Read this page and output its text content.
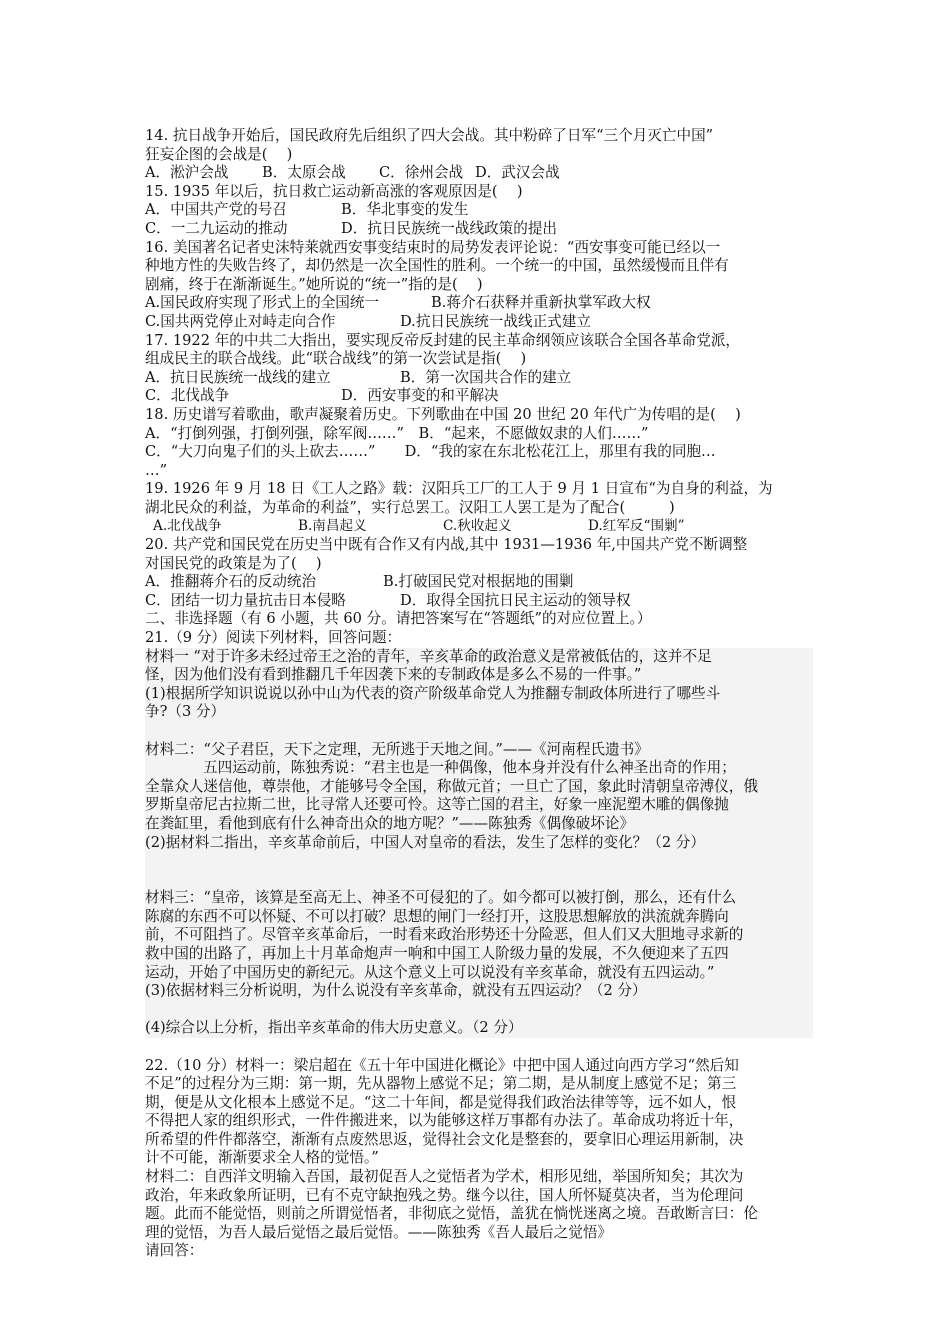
14. 抗日战争开始后，国民政府先后组织了四大会战。其中粉碎了日军“三个月灭亡中国”
狂妄企图的会战是(　 )
A．淞沪会战	B．太原会战	C．徐州会战 D．武汉会战
15. 1935 年以后，抗日救亡运动新高涨的客观原因是(　 )
A．中国共产党的号召	B．华北事变的发生
C．一二九运动的推动	D．抗日民族统一战线政策的提出
16. 美国著名记者史沫特莱就西安事变结束时的局势发表评论说：“西安事变可能已经以一
种地方性的失败告终了，却仍然是一次全国性的胜利。一个统一的中国，虽然缓慢而且伴有
剧痛，终于在渐渐诞生。”她所说的“统一”指的是(　 )
A.国民政府实现了形式上的全国统一	B.蒋介石获释并重新执掌军政大权
C.国共两党停止对峙走向合作	D.抗日民族统一战线正式建立
17. 1922 年的中共二大指出，要实现反帝反封建的民主革命纲领应该联合全国各革命党派，
组成民主的联合战线。此“联合战线”的第一次尝试是指(　 )
A．抗日民族统一战线的建立	B．第一次国共合作的建立
C．北伐战争	D．西安事变的和平解决
18. 历史谱写着歌曲，歌声凝聚着历史。下列歌曲在中国 20 世纪 20 年代广为传唱的是(　 )
A．“打倒列强，打倒列强，除军阀……”　B．“起来，不愿做奴隶的人们……”
C．“大刀向鬼子们的头上砍去……”　　D．“我的家在东北松花江上，那里有我的同胞…
…”
19. 1926 年 9 月 18 日《工人之路》载：汉阳兵工厂的工人于 9 月 1 日宣布“为自身的利益，为
湖北民众的利益，为革命的利益”，实行总罢工。汉阳工人罢工是为了配合(　　　)
A.北伐战争	B.南昌起义	C.秋收起义	D.红军反“围剿”
20. 共产党和国民党在历史当中既有合作又有内战,其中 1931—1936 年,中国共产党不断调整
对国民党的政策是为了(　 )
A．推翻蒋介石的反动统治	B.打破国民党对根据地的围剿
C．团结一切力量抗击日本侵略	D．取得全国抗日民主运动的领导权
二、非选择题（有 6 小题，共 60 分。请把答案写在“答题纸”的对应位置上。）
21.（9 分）阅读下列材料，回答问题：
材料一 “对于许多未经过帝王之治的青年，辛亥革命的政治意义是常被低估的，这并不足
怪，因为他们没有看到推翻几千年因袭下来的专制政体是多么不易的一件事。”
(1)根据所学知识说说以孙中山为代表的资产阶级革命党人为推翻专制政体所进行了哪些斗
争?（3 分）
材料二：“父子君臣，天下之定理，无所逃于天地之间。”——《河南程氏遗书》
五四运动前，陈独秀说：“君主也是一种偶像，他本身并没有什么神圣出奇的作用；
全靠众人迷信他，尊崇他，才能够号令全国，称做元首；一旦亡了国，象此时清朝皇帝溥仪，俄
罗斯皇帝尼古拉斯二世，比寻常人还要可怜。这等亡国的君主，好象一座泥塑木雕的偶像抛
在粪缸里，看他到底有什么神奇出众的地方呢？”——陈独秀《偶像破坏论》
(2)据材料二指出，辛亥革命前后，中国人对皇帝的看法，发生了怎样的变化？（2 分）
材料三：“皇帝，该算是至高无上、神圣不可侵犯的了。如今都可以被打倒，那么，还有什么
陈腐的东西不可以怀疑、不可以打破？思想的闸门一经打开，这股思想解放的洪流就奔腾向
前，不可阻挡了。尽管辛亥革命后，一时看来政治形势还十分险恶，但人们又大胆地寻求新的
救中国的出路了，再加上十月革命炮声一响和中国工人阶级力量的发展，不久便迎来了五四
运动，开始了中国历史的新纪元。从这个意义上可以说没有辛亥革命，就没有五四运动。”
(3)依据材料三分析说明，为什么说没有辛亥革命，就没有五四运动？（2 分）
(4)综合以上分析，指出辛亥革命的伟大历史意义。（2 分）
22.（10 分）材料一：梁启超在《五十年中国进化概论》中把中国人通过向西方学习“然后知
不足”的过程分为三期：第一期，先从器物上感觉不足；第二期，是从制度上感觉不足；第三
期，便是从文化根本上感觉不足。“这二十年间，都是觉得我们政治法律等等，远不如人，恨
不得把人家的组织形式，一件件搬进来，以为能够这样万事都有办法了。革命成功将近十年，
所希望的件件都落空，渐渐有点废然思返，觉得社会文化是整套的，要拿旧心理运用新制，决
计不可能，渐渐要求全人格的觉悟。”
材料二：自西洋文明输入吾国，最初促吾人之觉悟者为学术，相形见绌，举国所知矣；其次为
政治，年来政象所证明，已有不克守缺抱残之势。继今以往，国人所怀疑莫决者，当为伦理问
题。此而不能觉悟，则前之所谓觉悟者，非彻底之觉悟，盖犹在惝恍迷离之境。吾敢断言曰：伦
理的觉悟，为吾人最后觉悟之最后觉悟。——陈独秀《吾人最后之觉悟》
请回答：
